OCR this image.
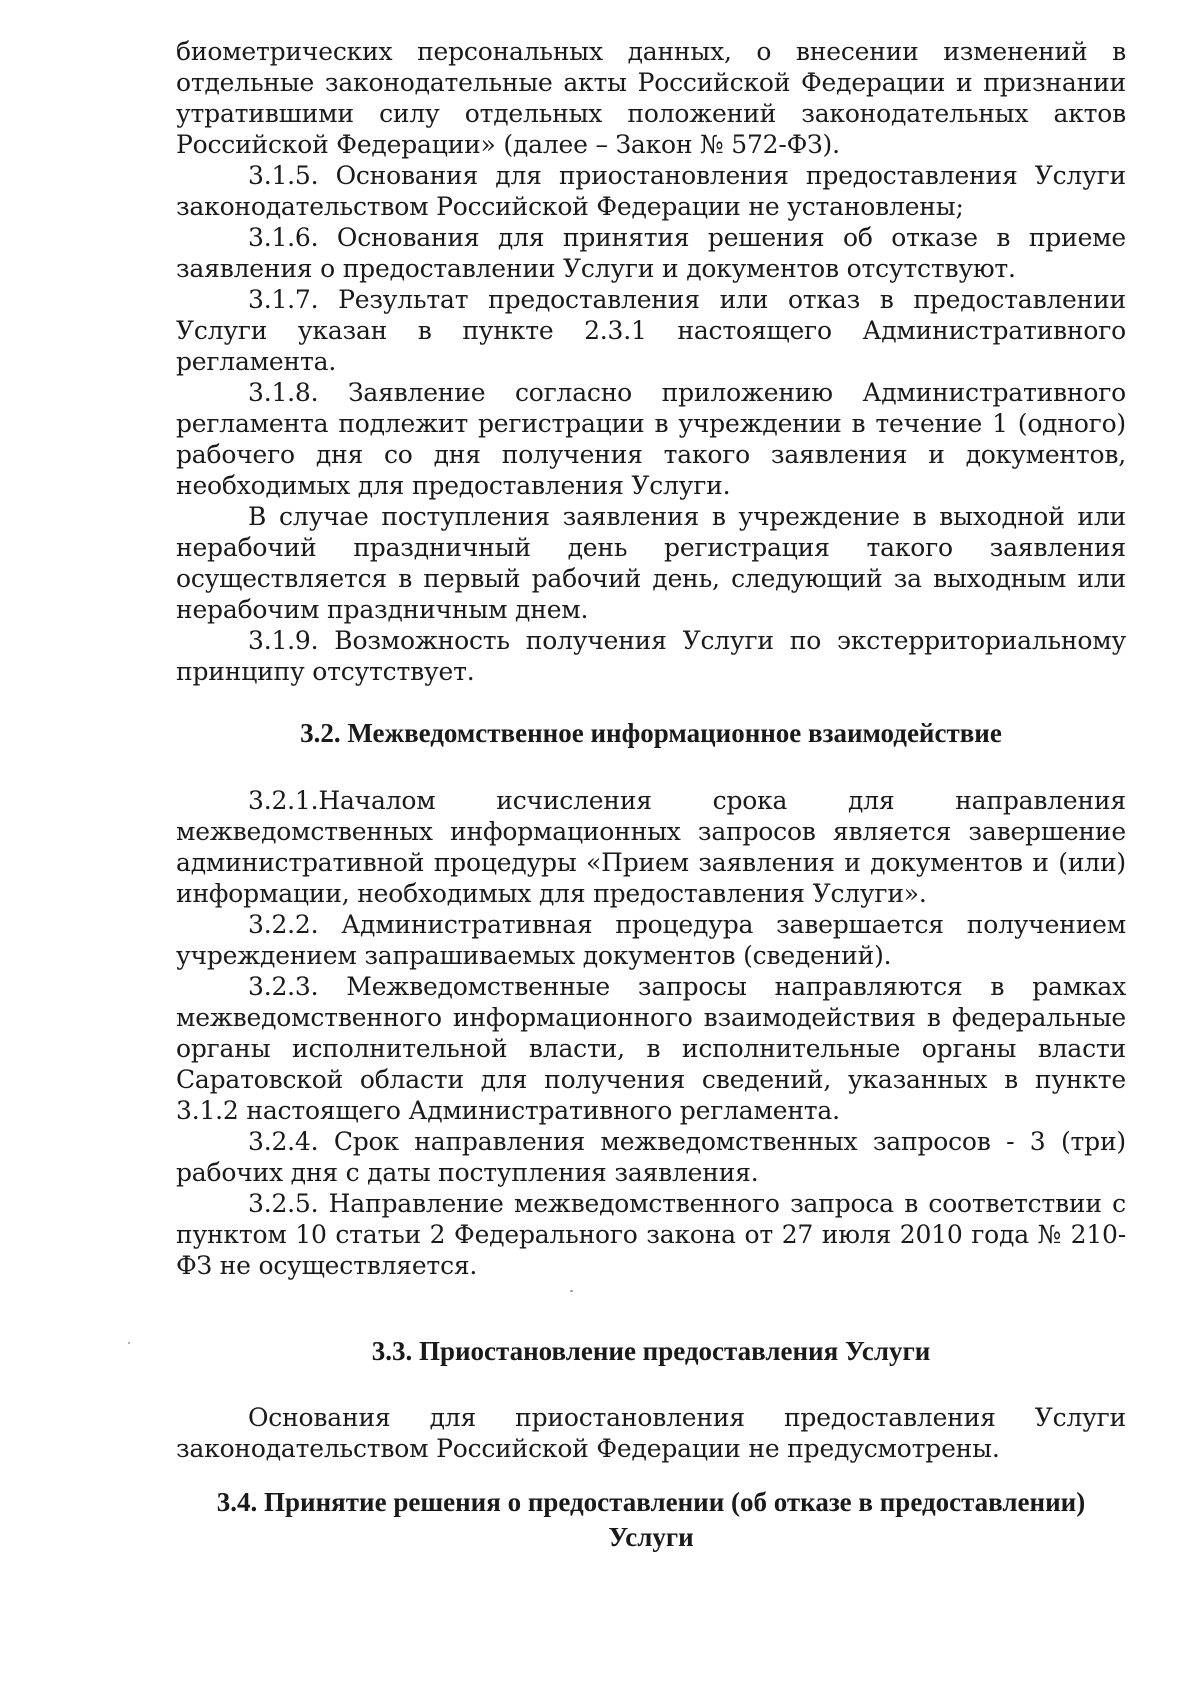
биометрических персональных данных, о внесении изменений в отдельные законодательные акты Российской Федерации и признании утратившими силу отдельных положений законодательных актов Российской Федерации» (далее – Закон № 572-ФЗ).

3.1.5. Основания для приостановления предоставления Услуги законодательством Российской Федерации не установлены;

3.1.6. Основания для принятия решения об отказе в приеме заявления о предоставлении Услуги и документов отсутствуют.

3.1.7. Результат предоставления или отказ в предоставлении Услуги указан в пункте 2.3.1 настоящего Административного регламента.

3.1.8. Заявление согласно приложению Административного регламента подлежит регистрации в учреждении в течение 1 (одного) рабочего дня со дня получения такого заявления и документов, необходимых для предоставления Услуги.

В случае поступления заявления в учреждение в выходной или нерабочий праздничный день регистрация такого заявления осуществляется в первый рабочий день, следующий за выходным или нерабочим праздничным днем.

3.1.9. Возможность получения Услуги по экстерриториальному принципу отсутствует.

3.2. Межведомственное информационное взаимодействие

3.2.1.Началом исчисления срока для направления межведомственных информационных запросов является завершение административной процедуры «Прием заявления и документов и (или) информации, необходимых для предоставления Услуги».

3.2.2. Административная процедура завершается получением учреждением запрашиваемых документов (сведений).

3.2.3. Межведомственные запросы направляются в рамках межведомственного информационного взаимодействия в федеральные органы исполнительной власти, в исполнительные органы власти Саратовской области для получения сведений, указанных в пункте 3.1.2 настоящего Административного регламента.

3.2.4. Срок направления межведомственных запросов - 3 (три) рабочих дня с даты поступления заявления.

3.2.5. Направление межведомственного запроса в соответствии с пунктом 10 статьи 2 Федерального закона от 27 июля 2010 года № 210-ФЗ не осуществляется.

3.3. Приостановление предоставления Услуги

Основания для приостановления предоставления Услуги законодательством Российской Федерации не предусмотрены.

3.4. Принятие решения о предоставлении (об отказе в предоставлении)
Услуги
